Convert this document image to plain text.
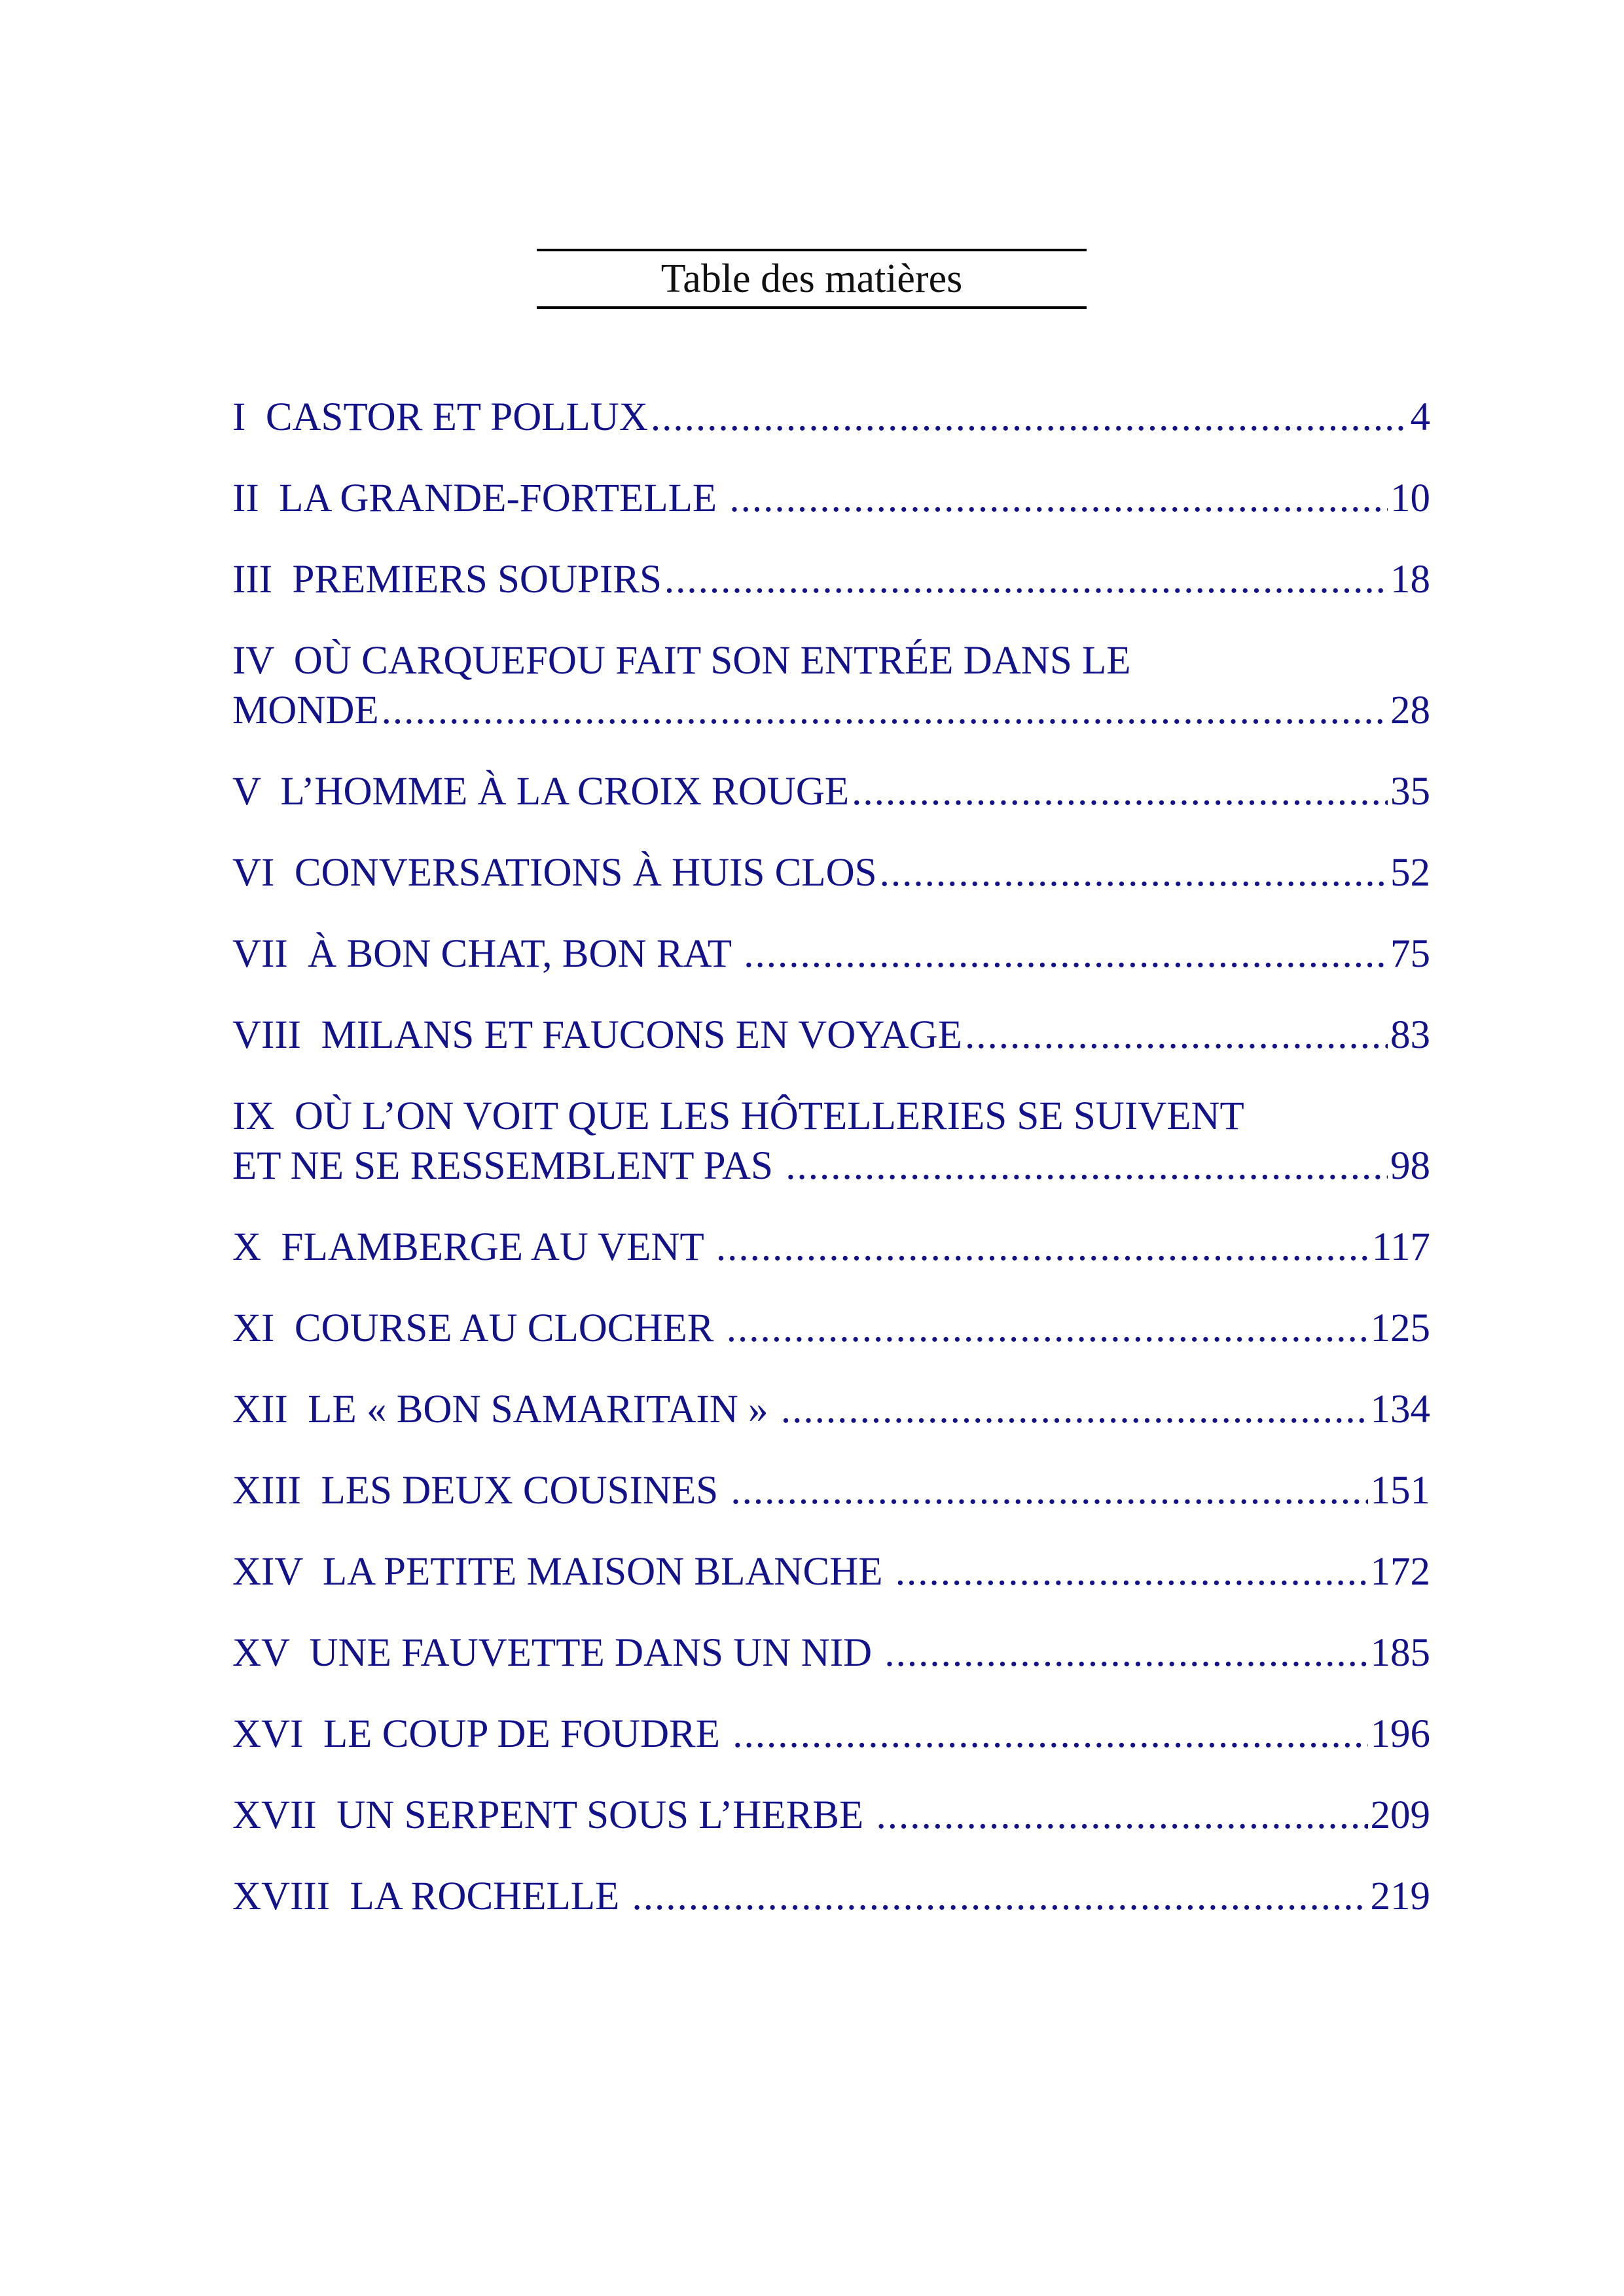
Table des matières
I  CASTOR ET POLLUX .....	4
II  LA GRANDE-FORTELLE .....	10
III  PREMIERS SOUPIRS .....	18
IV  OÙ CARQUEFOU FAIT SON ENTRÉE DANS LE
MONDE .....	28
V  L’HOMME À LA CROIX ROUGE .....	35
VI  CONVERSATIONS À HUIS CLOS .....	52
VII  À BON CHAT, BON RAT .....	75
VIII  MILANS ET FAUCONS EN VOYAGE .....	83
IX  OÙ L’ON VOIT QUE LES HÔTELLERIES SE SUIVENT
ET NE SE RESSEMBLENT PAS .....	98
X  FLAMBERGE AU VENT .....	117
XI  COURSE AU CLOCHER .....	125
XII  LE « BON SAMARITAIN » .....	134
XIII  LES DEUX COUSINES .....	151
XIV  LA PETITE MAISON BLANCHE .....	172
XV  UNE FAUVETTE DANS UN NID .....	185
XVI  LE COUP DE FOUDRE .....	196
XVII  UN SERPENT SOUS L’HERBE .....	209
XVIII  LA ROCHELLE .....	219
